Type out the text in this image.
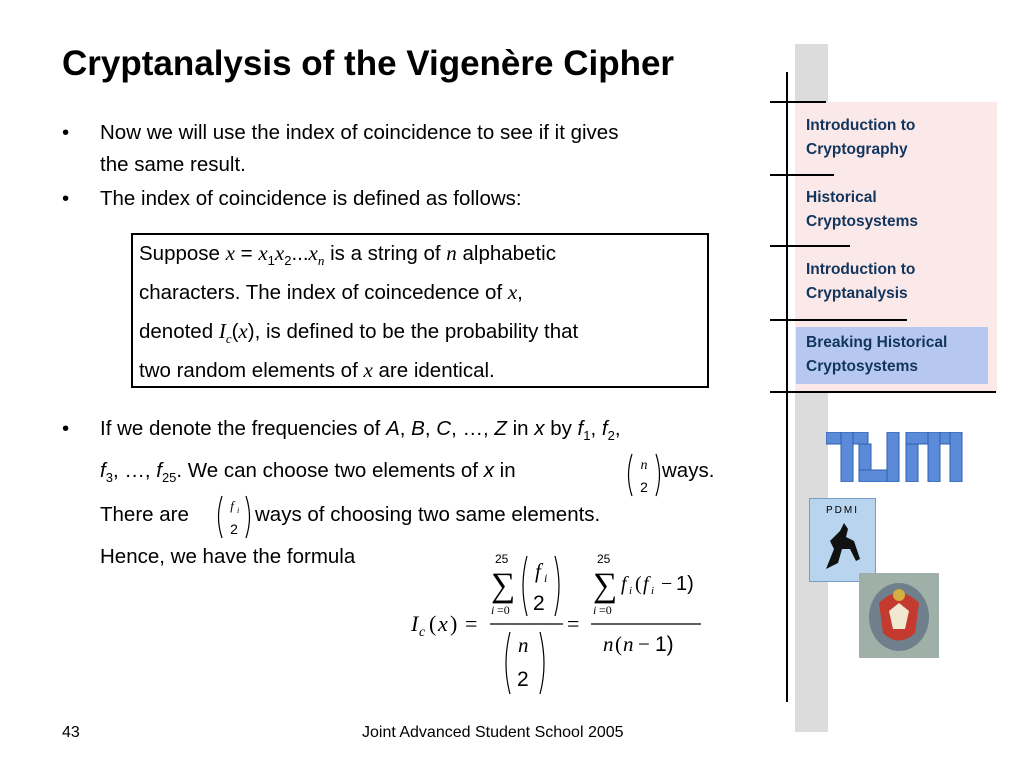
Cryptanalysis of the Vigenère Cipher
• Now we will use the index of coincidence to see if it gives
the same result.
• The index of coincidence is defined as follows:
Suppose $x = x_1x_2...x_n$ is a string of n alphabetic
characters. The index of coincedence of x,
denoted $I_c(x)$, is defined to be the probability that
two random elements of x are identical.
• If we denote the frequencies of A, B, C, …, Z in x by $f_1$, $f_2$,
$f_3$, …, $f_{25}$. We can choose two elements of x in
There are	ways of choosing two same elements.
Hence, we have the formula
ways.
n
2
f i
2
I c ( x ) =
25
∑
i =0
f i
2
n
2
=
25
∑
i =0
f i ( f i − 1)
n ( n − 1)
Introduction to
Cryptography
Historical
Cryptosystems
Introduction to
Cryptanalysis
Breaking Historical
Cryptosystems
PDMI
43	Joint Advanced Student School 2005
